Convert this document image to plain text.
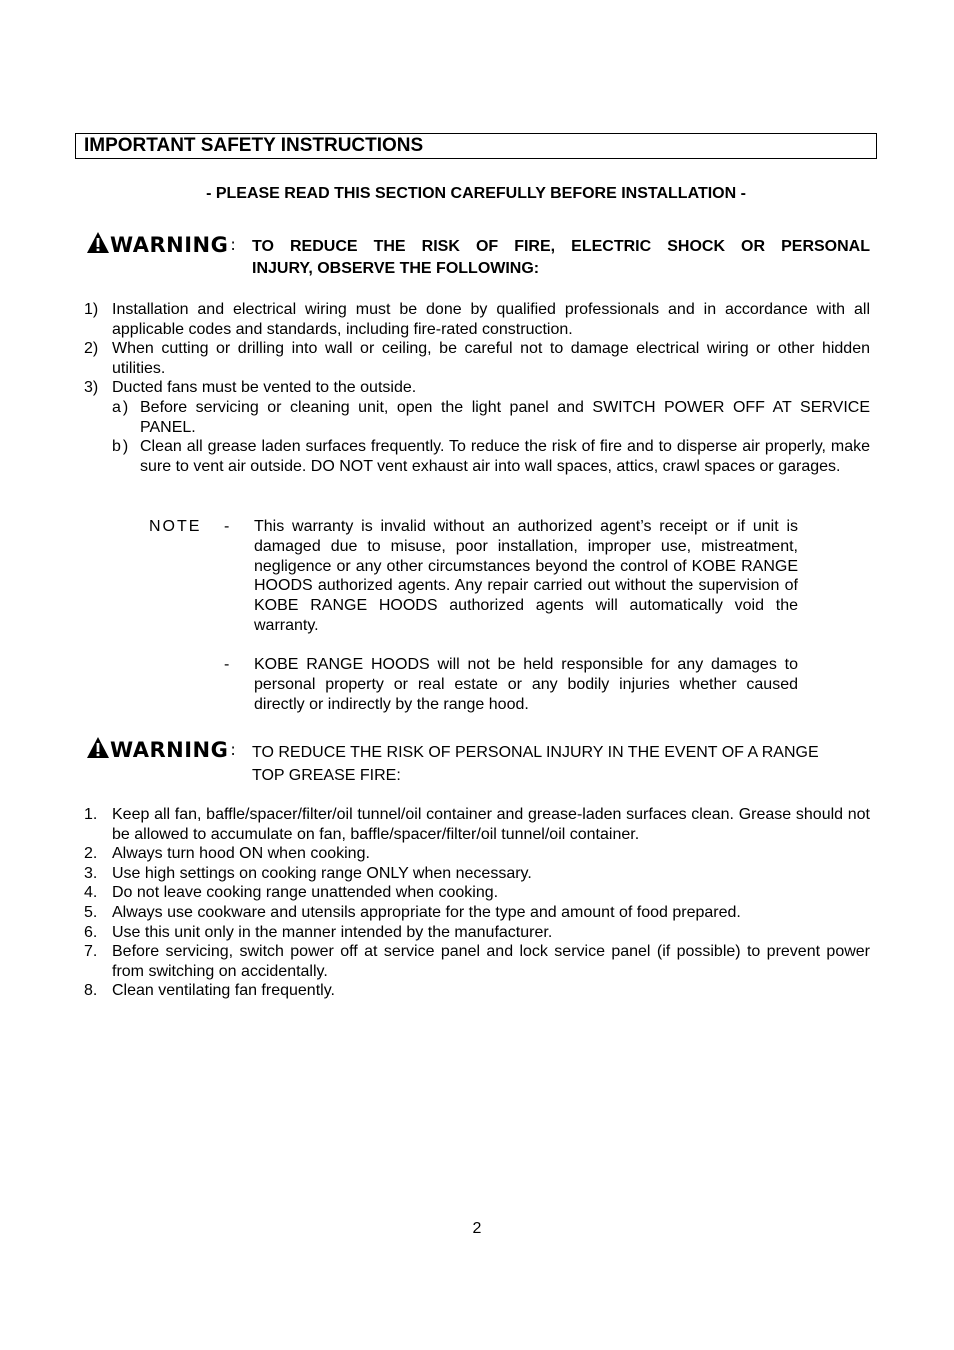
IMPORTANT SAFETY INSTRUCTIONS
- PLEASE READ THIS SECTION CAREFULLY BEFORE INSTALLATION -
WARNING : TO REDUCE THE RISK OF FIRE, ELECTRIC SHOCK OR PERSONAL
INJURY, OBSERVE THE FOLLOWING:
1) Installation and electrical wiring must be done by qualified professionals and in accordance with all applicable codes and standards, including fire-rated construction.
2) When cutting or drilling into wall or ceiling, be careful not to damage electrical wiring or other hidden utilities.
3) Ducted fans must be vented to the outside.
a) Before servicing or cleaning unit, open the light panel and SWITCH POWER OFF AT SERVICE PANEL.
b) Clean all grease laden surfaces frequently. To reduce the risk of fire and to disperse air properly, make sure to vent air outside. DO NOT vent exhaust air into wall spaces, attics, crawl spaces or garages.
NOTE - This warranty is invalid without an authorized agent’s receipt or if unit is damaged due to misuse, poor installation, improper use, mistreatment, negligence or any other circumstances beyond the control of KOBE RANGE HOODS authorized agents. Any repair carried out without the supervision of KOBE RANGE HOODS authorized agents will automatically void the warranty.
- KOBE RANGE HOODS will not be held responsible for any damages to personal property or real estate or any bodily injuries whether caused directly or indirectly by the range hood.
WARNING : TO REDUCE THE RISK OF PERSONAL INJURY IN THE EVENT OF A RANGE
TOP GREASE FIRE:
1. Keep all fan, baffle/spacer/filter/oil tunnel/oil container and grease-laden surfaces clean. Grease should not be allowed to accumulate on fan, baffle/spacer/filter/oil tunnel/oil container.
2. Always turn hood ON when cooking.
3. Use high settings on cooking range ONLY when necessary.
4. Do not leave cooking range unattended when cooking.
5. Always use cookware and utensils appropriate for the type and amount of food prepared.
6. Use this unit only in the manner intended by the manufacturer.
7. Before servicing, switch power off at service panel and lock service panel (if possible) to prevent power from switching on accidentally.
8. Clean ventilating fan frequently.
2
